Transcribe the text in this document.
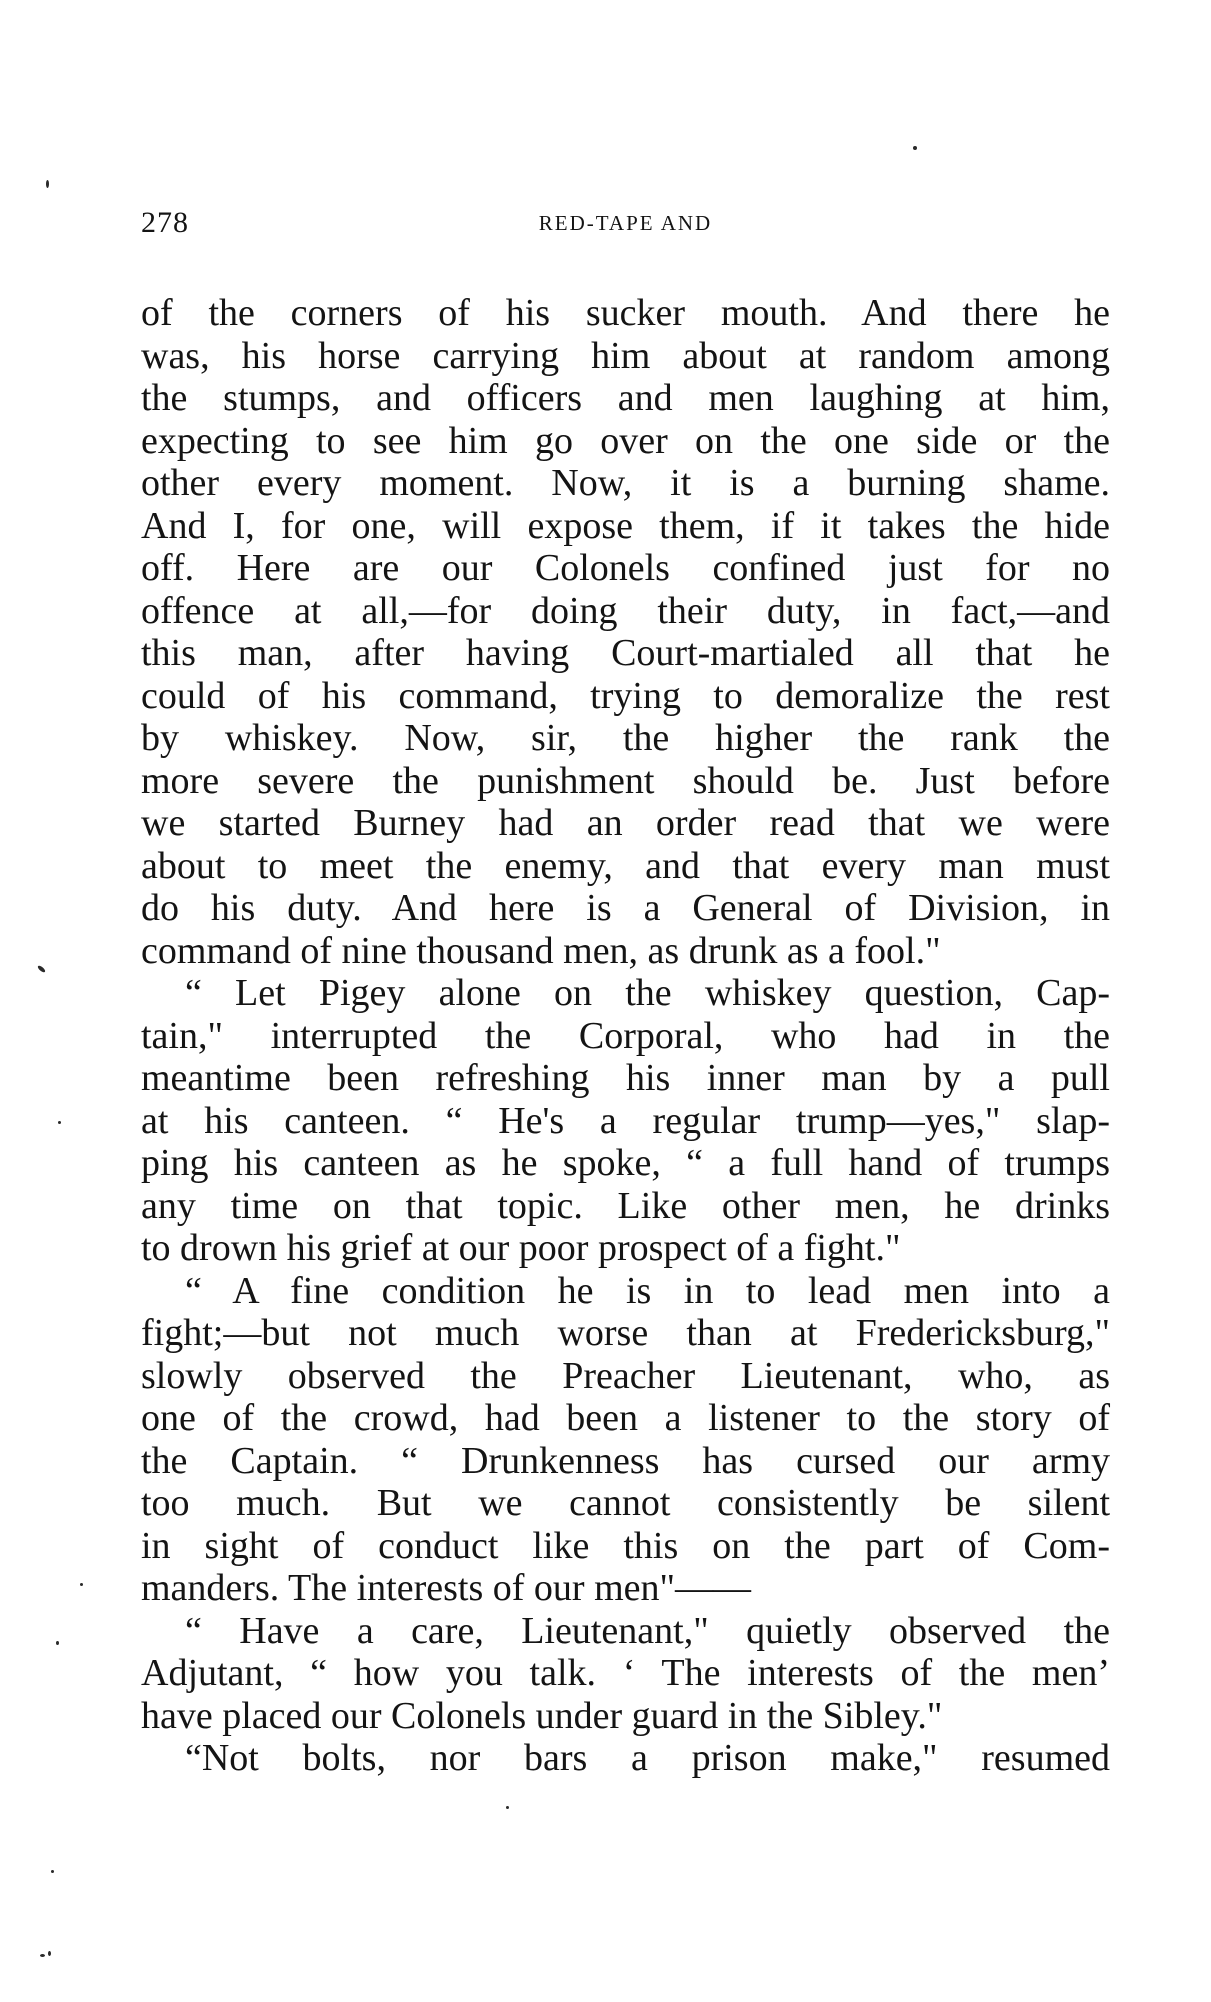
278	RED-TAPE AND
of the corners of his sucker mouth. And there he
was, his horse carrying him about at random among
the stumps, and officers and men laughing at him,
expecting to see him go over on the one side or the
other every moment. Now, it is a burning shame.
And I, for one, will expose them, if it takes the hide
off. Here are our Colonels confined just for no
offence at all,—for doing their duty, in fact,—and
this man, after having Court-martialed all that he
could of his command, trying to demoralize the rest
by whiskey. Now, sir, the higher the rank the
more severe the punishment should be. Just before
we started Burney had an order read that we were
about to meet the enemy, and that every man must
do his duty. And here is a General of Division, in
command of nine thousand men, as drunk as a fool."
“ Let Pigey alone on the whiskey question, Cap-
tain," interrupted the Corporal, who had in the
meantime been refreshing his inner man by a pull
at his canteen. “ He's a regular trump—yes," slap-
ping his canteen as he spoke, “ a full hand of trumps
any time on that topic. Like other men, he drinks
to drown his grief at our poor prospect of a fight."
“ A fine condition he is in to lead men into a
fight;—but not much worse than at Fredericksburg,"
slowly observed the Preacher Lieutenant, who, as
one of the crowd, had been a listener to the story of
the Captain. “ Drunkenness has cursed our army
too much. But we cannot consistently be silent
in sight of conduct like this on the part of Com-
manders. The interests of our men"——
“ Have a care, Lieutenant," quietly observed the
Adjutant, “ how you talk. ‘ The interests of the men’
have placed our Colonels under guard in the Sibley."
“Not bolts, nor bars a prison make," resumed
